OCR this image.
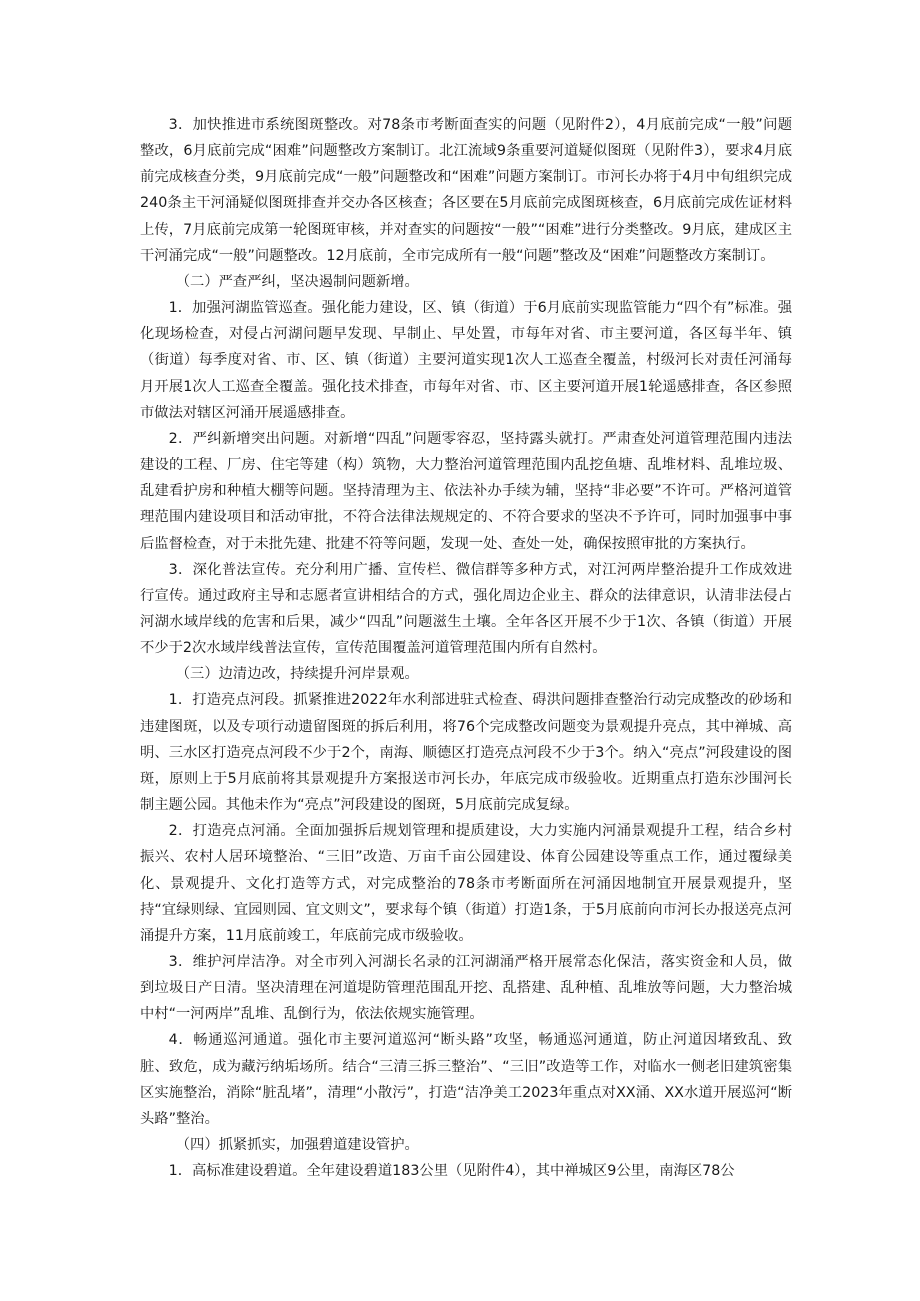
3．加快推进市系统图斑整改。对78条市考断面查实的问题（见附件2），4月底前完成“一般”问题整改，6月底前完成“困难”问题整改方案制订。北江流域9条重要河道疑似图斑（见附件3），要求4月底前完成核查分类，9月底前完成“一般”问题整改和“困难”问题方案制订。市河长办将于4月中旬组织完成240条主干河涌疑似图斑排查并交办各区核查；各区要在5月底前完成图斑核查，6月底前完成佐证材料上传，7月底前完成第一轮图斑审核，并对查实的问题按“一般”“困难”进行分类整改。9月底，建成区主干河涌完成“一般”问题整改。12月底前，全市完成所有一般“问题”整改及“困难”问题整改方案制订。

（二）严查严纠，坚决遏制问题新增。

1．加强河湖监管巡查。强化能力建设，区、镇（街道）于6月底前实现监管能力“四个有”标准。强化现场检查，对侵占河湖问题早发现、早制止、早处置，市每年对省、市主要河道，各区每半年、镇（街道）每季度对省、市、区、镇（街道）主要河道实现1次人工巡查全覆盖，村级河长对责任河涌每月开展1次人工巡查全覆盖。强化技术排查，市每年对省、市、区主要河道开展1轮遥感排查，各区参照市做法对辖区河涌开展遥感排查。

2．严纠新增突出问题。对新增“四乱”问题零容忍，坚持露头就打。严肃查处河道管理范围内违法建设的工程、厂房、住宅等建（构）筑物，大力整治河道管理范围内乱挖鱼塘、乱堆材料、乱堆垃圾、乱建看护房和种植大棚等问题。坚持清理为主、依法补办手续为辅，坚持“非必要”不许可。严格河道管理范围内建设项目和活动审批，不符合法律法规规定的、不符合要求的坚决不予许可，同时加强事中事后监督检查，对于未批先建、批建不符等问题，发现一处、查处一处，确保按照审批的方案执行。

3．深化普法宣传。充分利用广播、宣传栏、微信群等多种方式，对江河两岸整治提升工作成效进行宣传。通过政府主导和志愿者宣讲相结合的方式，强化周边企业主、群众的法律意识，认清非法侵占河湖水域岸线的危害和后果，减少“四乱”问题滋生土壤。全年各区开展不少于1次、各镇（街道）开展不少于2次水域岸线普法宣传，宣传范围覆盖河道管理范围内所有自然村。

（三）边清边改，持续提升河岸景观。

1．打造亮点河段。抓紧推进2022年水利部进驻式检查、碍洪问题排查整治行动完成整改的砂场和违建图斑，以及专项行动遗留图斑的拆后利用，将76个完成整改问题变为景观提升亮点，其中禅城、高明、三水区打造亮点河段不少于2个，南海、顺德区打造亮点河段不少于3个。纳入“亮点”河段建设的图斑，原则上于5月底前将其景观提升方案报送市河长办，年底完成市级验收。近期重点打造东沙围河长制主题公园。其他未作为“亮点”河段建设的图斑，5月底前完成复绿。

2．打造亮点河涌。全面加强拆后规划管理和提质建设，大力实施内河涌景观提升工程，结合乡村振兴、农村人居环境整治、“三旧”改造、万亩千亩公园建设、体育公园建设等重点工作，通过覆绿美化、景观提升、文化打造等方式，对完成整治的78条市考断面所在河涌因地制宜开展景观提升，坚持“宜绿则绿、宜园则园、宜文则文”，要求每个镇（街道）打造1条，于5月底前向市河长办报送亮点河涌提升方案，11月底前竣工，年底前完成市级验收。

3．维护河岸洁净。对全市列入河湖长名录的江河湖涌严格开展常态化保洁，落实资金和人员，做到垃圾日产日清。坚决清理在河道堤防管理范围乱开挖、乱搭建、乱种植、乱堆放等问题，大力整治城中村“一河两岸”乱堆、乱倒行为，依法依规实施管理。

4．畅通巡河通道。强化市主要河道巡河“断头路”攻坚，畅通巡河通道，防止河道因堵致乱、致脏、致危，成为藏污纳垢场所。结合“三清三拆三整治”、“三旧”改造等工作，对临水一侧老旧建筑密集区实施整治，消除“脏乱堵”，清理“小散污”，打造“洁净美工2023年重点对XX涌、XX水道开展巡河“断头路”整治。

（四）抓紧抓实，加强碧道建设管护。

1．高标准建设碧道。全年建设碧道183公里（见附件4），其中禅城区9公里，南海区78公
